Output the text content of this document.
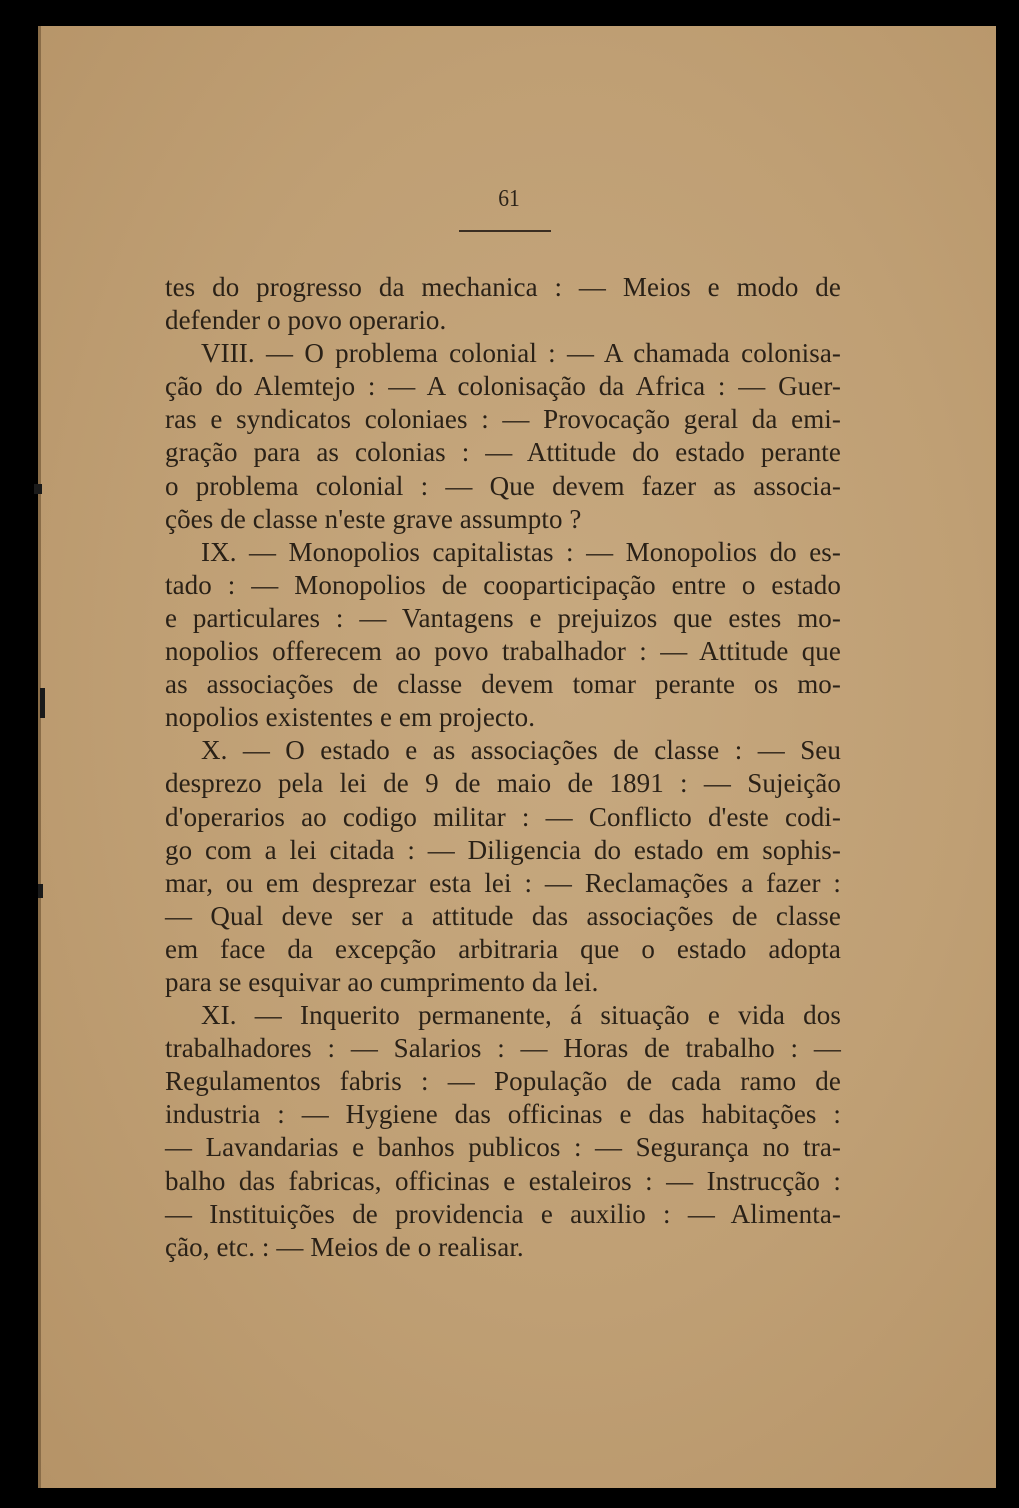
61
tes do progresso da mechanica : — Meios e modo de
defender o povo operario.
VIII. — O problema colonial : — A chamada colonisa-
ção do Alemtejo : — A colonisação da Africa : — Guer-
ras e syndicatos coloniaes : — Provocação geral da emi-
gração para as colonias : — Attitude do estado perante
o problema colonial : — Que devem fazer as associa-
ções de classe n'este grave assumpto ?
IX. — Monopolios capitalistas : — Monopolios do es-
tado : — Monopolios de cooparticipação entre o estado
e particulares : — Vantagens e prejuizos que estes mo-
nopolios offerecem ao povo trabalhador : — Attitude que
as associações de classe devem tomar perante os mo-
nopolios existentes e em projecto.
X. — O estado e as associações de classe : — Seu
desprezo pela lei de 9 de maio de 1891 : — Sujeição
d'operarios ao codigo militar : — Conflicto d'este codi-
go com a lei citada : — Diligencia do estado em sophis-
mar, ou em desprezar esta lei : — Reclamações a fazer :
— Qual deve ser a attitude das associações de classe
em face da excepção arbitraria que o estado adopta
para se esquivar ao cumprimento da lei.
XI. — Inquerito permanente, á situação e vida dos
trabalhadores : — Salarios : — Horas de trabalho : —
Regulamentos fabris : — População de cada ramo de
industria : — Hygiene das officinas e das habitações :
— Lavandarias e banhos publicos : — Segurança no tra-
balho das fabricas, officinas e estaleiros : — Instrucção :
— Instituições de providencia e auxilio : — Alimenta-
ção, etc. : — Meios de o realisar.
